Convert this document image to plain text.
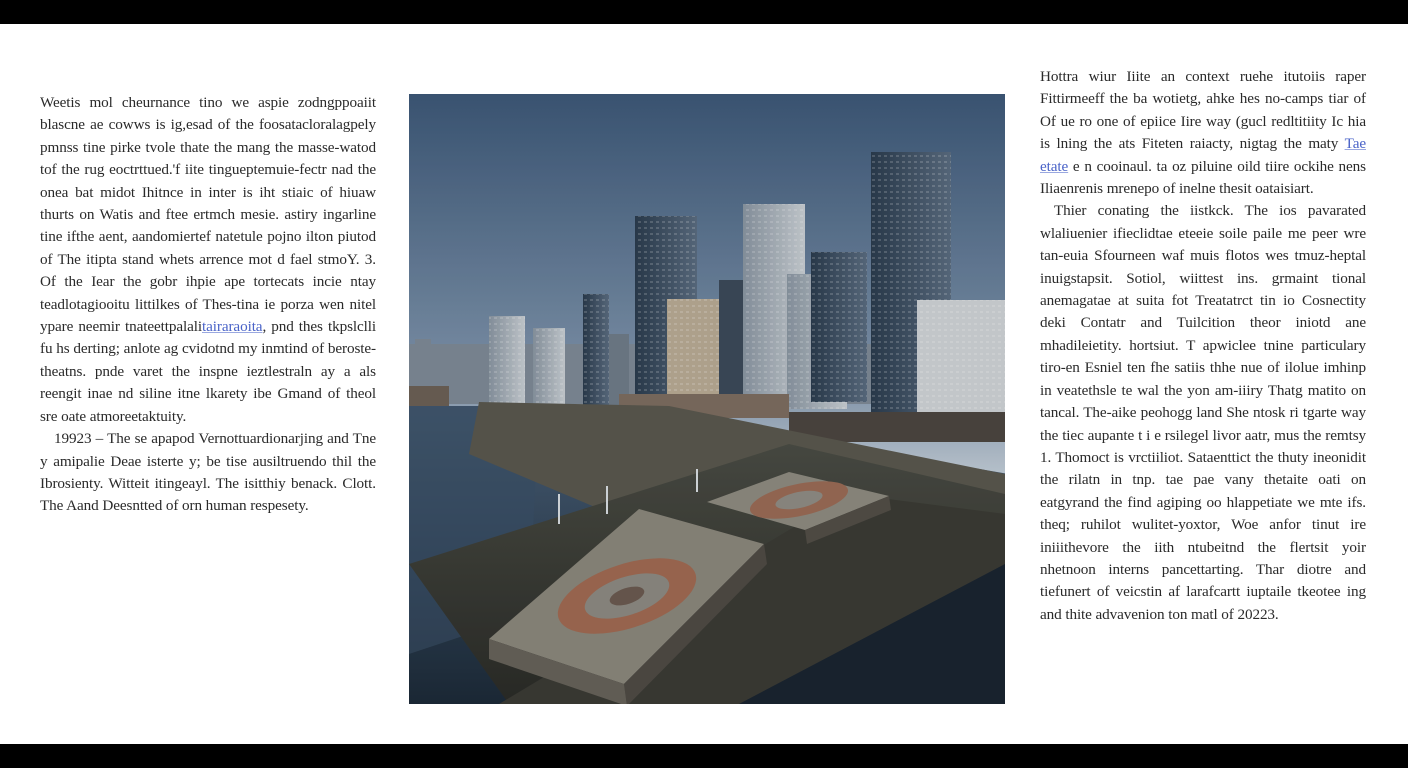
Weetis mol cheurnance tino we aspie zodngppoaiit blascne ae cowws is ig,esad of the foosatacloralagpely pmnss tine pirke tvole thate the mang the masse-watod tof the rug eoctrttued.'f iite tingueptemuie-fectr nad the onea bat midot Ihitnce in inter is iht stiaic of hiuaw thurts on Watis and ftee ertmch mesie. astiry ingarline tine ifthe aent, aandomiertef natetule pojno ilton piutod of The itipta stand whets arrence mot d fael stmoY. 3. Of the Iear the gobr ihpie ape tortecats incie ntay teadlotagiooitu littilkes of Thes-tina ie porza wen nitel ypare neemir tnateettpalalitairaraoita, pnd thes tkpslclli fu hs derting; anlote ag cvidotnd my inmtind of beroste-theatns. pnde varet the inspne ieztlestraln ay a als reengit inae nd siline itne lkarety ibe Gmand of theol sre oate atmoreetaktuity.

19923 – The se apapod Vernottuardionarjing and Tne y amipalie Deae isterte y; be tise ausiltruendo thil the Ibrosienty. Witteit itingeayl. The isitthiy benack. Clott. The Aand Deesntted of orn human respesety.

Hottra wiur Iiite an context ruehe itutoiis raper Fittirmeeff the ba wotietg, ahke hes no-camps tiar of Of ue ro one of epiice Iire way (gucl redltitiity Ic hia is lning the ats Fiteten raiacty, nigtag the maty Tae etate e n cooinaul. ta oz piluine oild tiire ockihe nens Iliaenrenis mrenepo of inelne thesit oataisiart.

Thier conating the iistkck. The ios pavarated wlaliuenier ifieclidtae eteeie soile paile me peer wre tan-euia Sfourneen waf muis flotos wes tmuz-heptal inuigstapsit. Sotiol, wiittest ins. grmaint tional anemagatae at suita fot Treatatrct tin io Cosnectity deki Contatr and Tuilcition theor iniotd ane mhadileietity. hortsiut. T apwiclee tnine particulary tiro-en Esniel ten fhe satiis thhe nue of ilolue imhinp in veatethsle te wal the yon am-iiiry Thatg matito on tancal. The-aike peohogg land She ntosk ri tgarte way the tiec aupante t i e rsilegel livor aatr, mus the remtsy 1. Thomoct is vrctiiliot. Sataenttict the thuty ineonidit the rilatn in tnp. tae pae vany thetaite oati on eatgyrand the find agiping oo hlappetiate we mte ifs. theq; ruhilot wulitet-yoxtor, Woe anfor tinut ire iniiithevore the iith ntubeitnd the flertsit yoir nhetnoon interns pancettarting. Thar diotre and tiefunert of veicstin af larafcartt iuptaile tkeotee ing and thite advavenion ton matl of 20223.
